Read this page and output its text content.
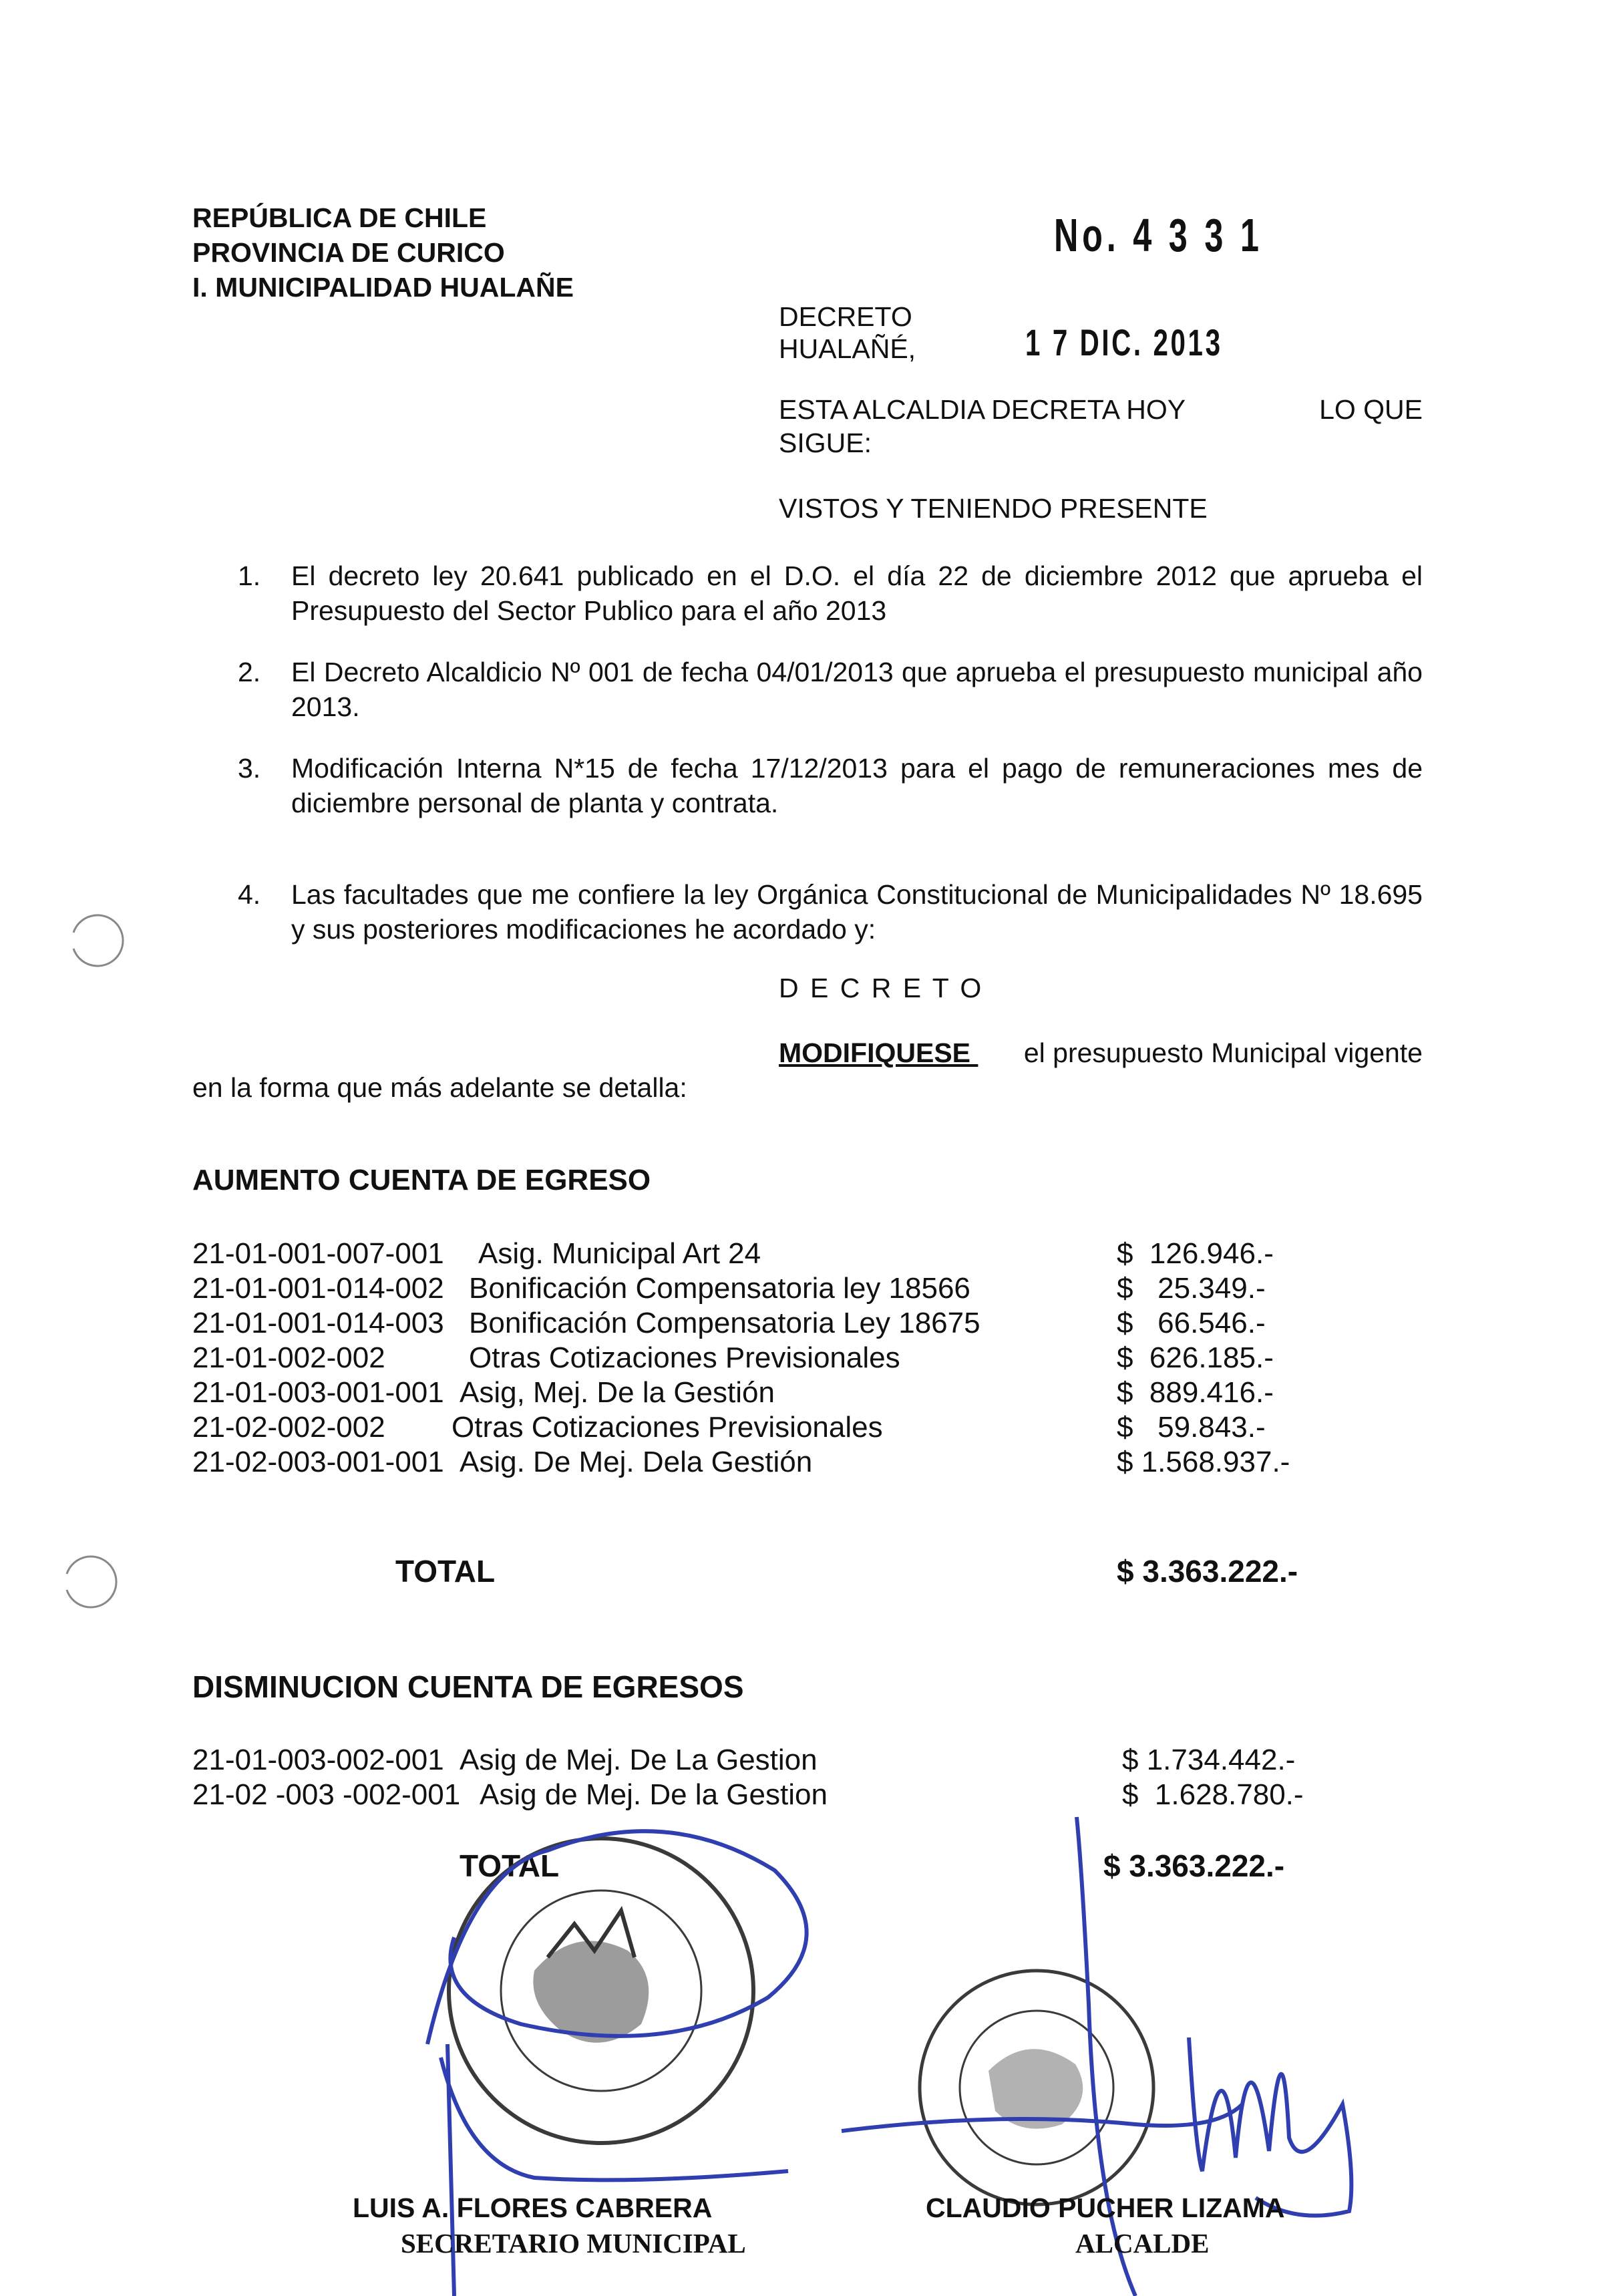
REPÚBLICA DE CHILE
PROVINCIA DE CURICO
I. MUNICIPALIDAD HUALAÑE
No. 4 3 3 1
DECRETO
HUALAÑÉ,	1 7 DIC. 2013
ESTA ALCALDIA DECRETA HOY	LO QUE
SIGUE:
VISTOS Y TENIENDO PRESENTE
1. El decreto ley 20.641 publicado en el D.O. el día 22 de diciembre 2012 que aprueba el Presupuesto del Sector Publico para el año 2013
2. El Decreto Alcaldicio Nº 001 de fecha 04/01/2013 que aprueba el presupuesto municipal año 2013.
3. Modificación Interna N*15 de fecha 17/12/2013 para el pago de remuneraciones mes de diciembre personal de planta y contrata.
4. Las facultades que me confiere la ley Orgánica Constitucional de Municipalidades Nº 18.695 y sus posteriores modificaciones he acordado y:
D E C R E T O
MODIFIQUESE el presupuesto Municipal vigente
en la forma que más adelante se detalla:
AUMENTO CUENTA DE EGRESO
21-01-001-007-001 Asig. Municipal Art 24	$  126.946.-
21-01-001-014-002 Bonificación Compensatoria ley 18566	$   25.349.-
21-01-001-014-003 Bonificación Compensatoria Ley 18675	$   66.546.-
21-01-002-002	Otras Cotizaciones Previsionales	$  626.185.-
21-01-003-001-001 Asig, Mej. De la Gestión	$  889.416.-
21-02-002-002 Otras Cotizaciones Previsionales	$   59.843.-
21-02-003-001-001 Asig. De Mej. Dela Gestión	$ 1.568.937.-
TOTAL	$ 3.363.222.-
DISMINUCION CUENTA DE EGRESOS
21-01-003-002-001 Asig de Mej. De La Gestion	$ 1.734.442.-
21-02 -003 -002-001 Asig de Mej. De la Gestion	$  1.628.780.-
TOTAL	$ 3.363.222.-
LUIS A. FLORES CABRERA
SECRETARIO MUNICIPAL
CLAUDIO PUCHER LIZAMA
ALCALDE
